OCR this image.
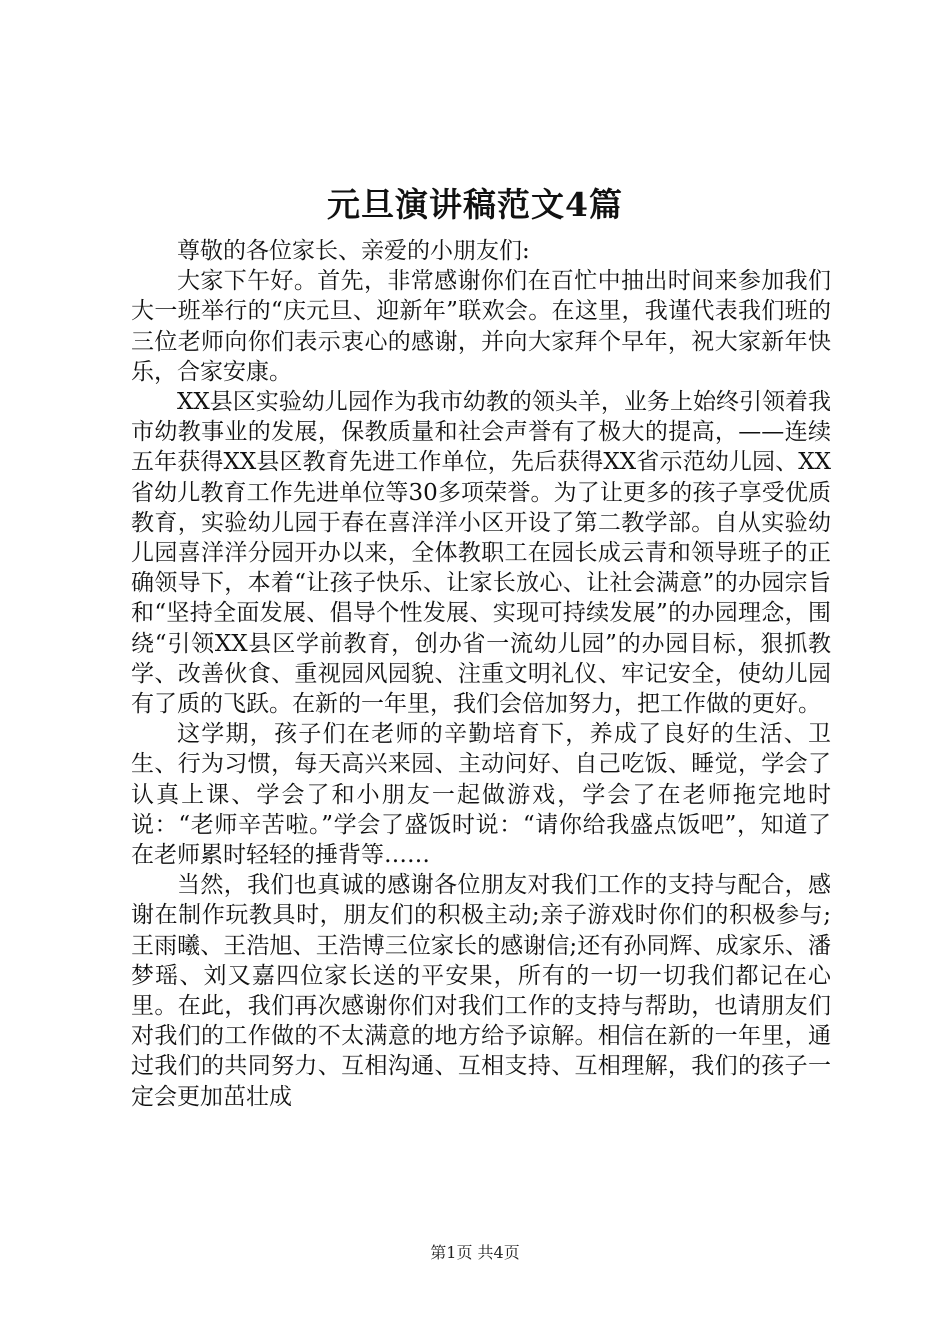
元旦演讲稿范文4篇

尊敬的各位家长、亲爱的小朋友们:

大家下午好。首先，非常感谢你们在百忙中抽出时间来参加我们大一班举行的“庆元旦、迎新年”联欢会。在这里，我谨代表我们班的三位老师向你们表示衷心的感谢，并向大家拜个早年，祝大家新年快乐，合家安康。

XX县区实验幼儿园作为我市幼教的领头羊，业务上始终引领着我市幼教事业的发展，保教质量和社会声誉有了极大的提高，——连续五年获得XX县区教育先进工作单位，先后获得XX省示范幼儿园、XX省幼儿教育工作先进单位等30多项荣誉。为了让更多的孩子享受优质教育，实验幼儿园于春在喜洋洋小区开设了第二教学部。自从实验幼儿园喜洋洋分园开办以来，全体教职工在园长成云青和领导班子的正确领导下，本着“让孩子快乐、让家长放心、让社会满意”的办园宗旨和“坚持全面发展、倡导个性发展、实现可持续发展”的办园理念，围绕“引领XX县区学前教育，创办省一流幼儿园”的办园目标，狠抓教学、改善伙食、重视园风园貌、注重文明礼仪、牢记安全，使幼儿园有了质的飞跃。在新的一年里，我们会倍加努力，把工作做的更好。

这学期，孩子们在老师的辛勤培育下，养成了良好的生活、卫生、行为习惯，每天高兴来园、主动问好、自己吃饭、睡觉，学会了认真上课、学会了和小朋友一起做游戏，学会了在老师拖完地时说：“老师辛苦啦。”学会了盛饭时说：“请你给我盛点饭吧”，知道了在老师累时轻轻的捶背等……

当然，我们也真诚的感谢各位朋友对我们工作的支持与配合，感谢在制作玩教具时，朋友们的积极主动;亲子游戏时你们的积极参与;王雨曦、王浩旭、王浩博三位家长的感谢信;还有孙同辉、成家乐、潘梦瑶、刘又嘉四位家长送的平安果，所有的一切一切我们都记在心里。在此，我们再次感谢你们对我们工作的支持与帮助，也请朋友们对我们的工作做的不太满意的地方给予谅解。相信在新的一年里，通过我们的共同努力、互相沟通、互相支持、互相理解，我们的孩子一定会更加茁壮成

第1页 共4页
